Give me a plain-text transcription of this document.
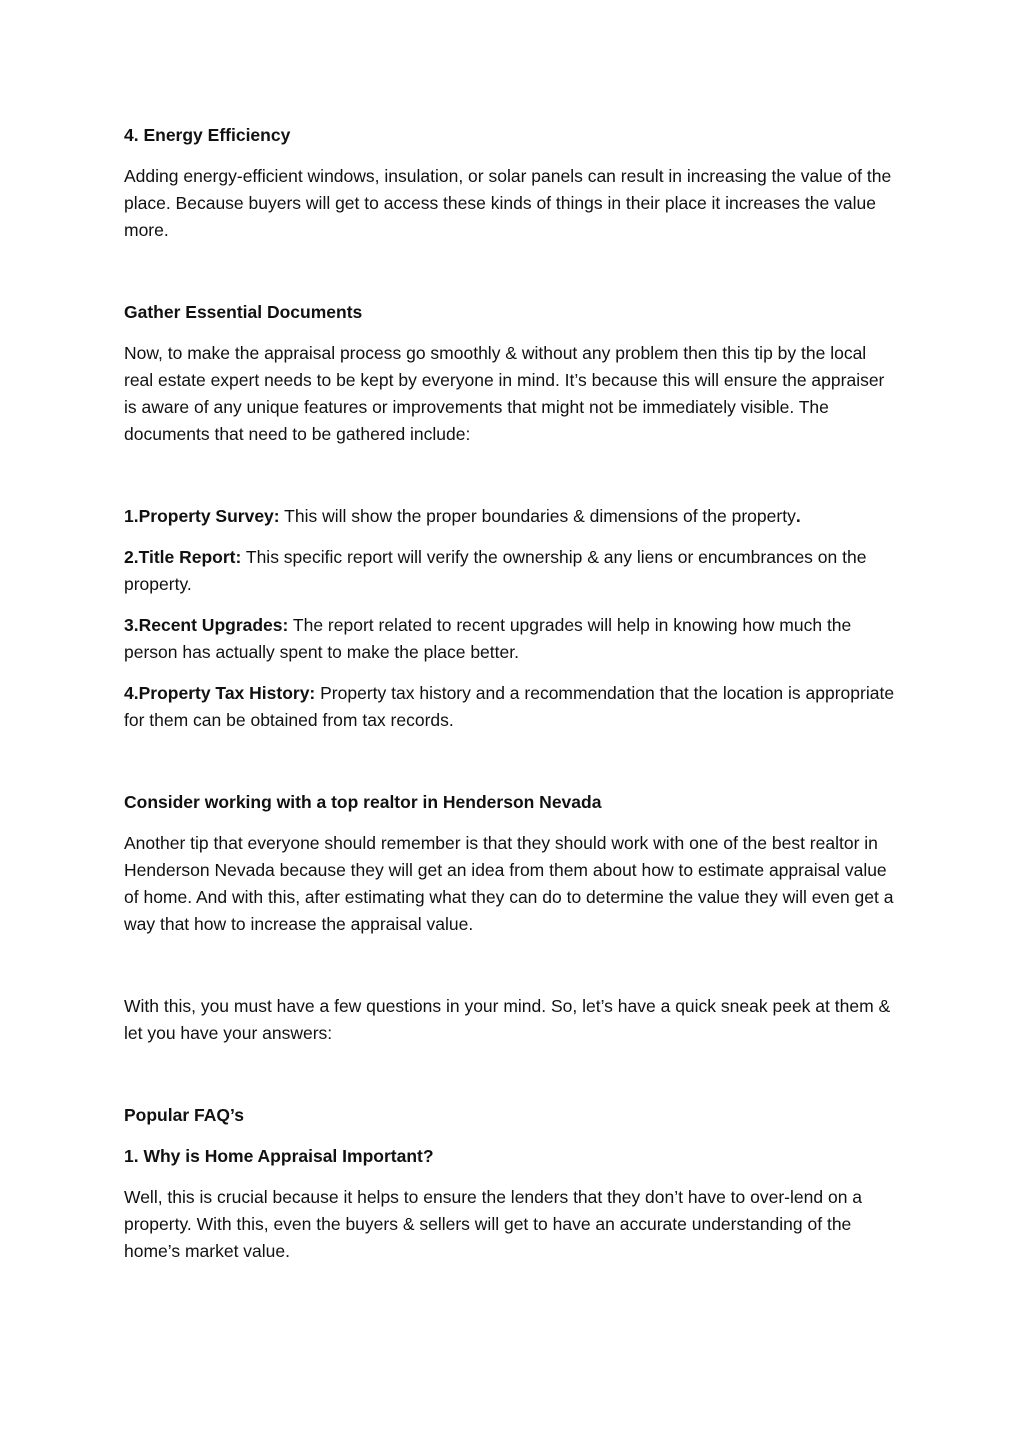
4. Energy Efficiency
Adding energy-efficient windows, insulation, or solar panels can result in increasing the value of the place. Because buyers will get to access these kinds of things in their place it increases the value more.
Gather Essential Documents
Now, to make the appraisal process go smoothly & without any problem then this tip by the local real estate expert needs to be kept by everyone in mind. It’s because this will ensure the appraiser is aware of any unique features or improvements that might not be immediately visible. The documents that need to be gathered include:
1.Property Survey: This will show the proper boundaries & dimensions of the property.
2.Title Report: This specific report will verify the ownership & any liens or encumbrances on the property.
3.Recent Upgrades: The report related to recent upgrades will help in knowing how much the person has actually spent to make the place better.
4.Property Tax History: Property tax history and a recommendation that the location is appropriate for them can be obtained from tax records.
Consider working with a top realtor in Henderson Nevada
Another tip that everyone should remember is that they should work with one of the best realtor in Henderson Nevada because they will get an idea from them about how to estimate appraisal value of home. And with this, after estimating what they can do to determine the value they will even get a way that how to increase the appraisal value.
With this, you must have a few questions in your mind. So, let’s have a quick sneak peek at them & let you have your answers:
Popular FAQ’s
1. Why is Home Appraisal Important?
Well, this is crucial because it helps to ensure the lenders that they don’t have to over-lend on a property. With this, even the buyers & sellers will get to have an accurate understanding of the home’s market value.
